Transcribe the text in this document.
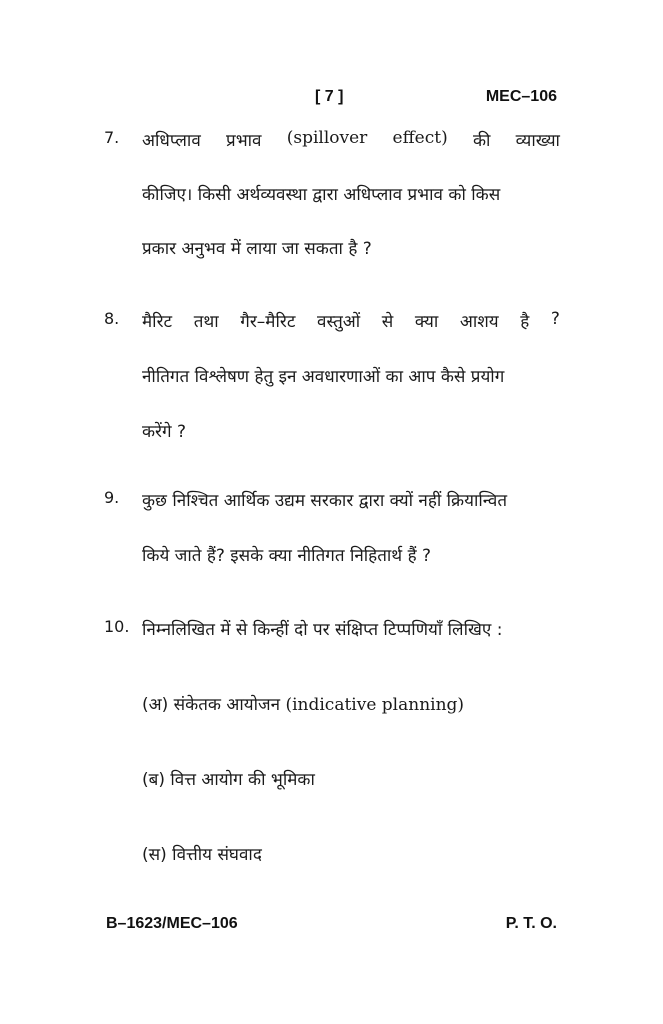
[ 7 ]	MEC–106
7. अधिप्लाव प्रभाव (spillover effect) की व्याख्या
कीजिए। किसी अर्थव्यवस्था द्वारा अधिप्लाव प्रभाव को किस
प्रकार अनुभव में लाया जा सकता है ?
8. मैरिट तथा गैर–मैरिट वस्तुओं से क्या आशय है ?
नीतिगत विश्लेषण हेतु इन अवधारणाओं का आप कैसे प्रयोग
करेंगे ?
9. कुछ निश्चित आर्थिक उद्यम सरकार द्वारा क्यों नहीं क्रियान्वित
किये जाते हैं? इसके क्या नीतिगत निहितार्थ हैं ?
10. निम्नलिखित में से किन्हीं दो पर संक्षिप्त टिप्पणियाँ लिखिए :
(अ) संकेतक आयोजन (indicative planning)
(ब) वित्त आयोग की भूमिका
(स) वित्तीय संघवाद
B–1623/MEC–106	P. T. O.
